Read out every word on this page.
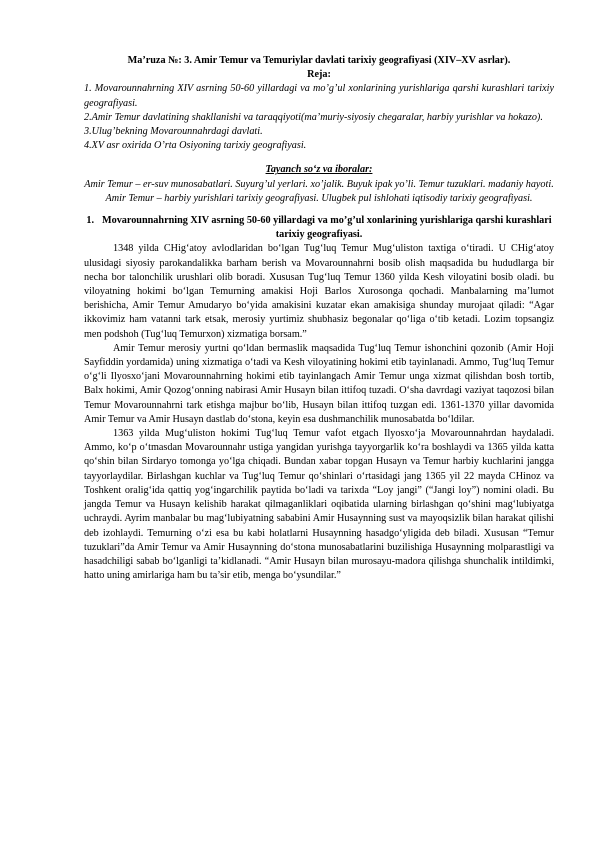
Ma’ruza №: 3. Amir Temur va Temuriylar davlati tarixiy geografiyasi (XIV–XV asrlar).
Reja:
1. Movarounnahrning XIV asrning 50-60 yillardagi va mo’g’ul xonlarining yurishlariga qarshi kurashlari tarixiy geografiyasi.
2.Amir Temur davlatining shakllanishi va taraqqiyoti(ma’muriy-siyosiy chegaralar, harbiy yurishlar va hokazo).
3.Ulug’bekning Movarounnahrdagi davlati.
4.XV asr oxirida O’rta Osiyoning tarixiy geografiyasi.
Tayanch so‘z va iboralar:
Amir Temur – er-suv munosabatlari. Suyurg’ul yerlari. xo’jalik. Buyuk ipak yo’li. Temur tuzuklari. madaniy hayoti. Amir Temur – harbiy yurishlari tarixiy geografiyasi. Ulugbek pul ishlohati iqtisodiy tarixiy geografiyasi.
1. Movarounnahrning XIV asrning 50-60 yillardagi va mo’g’ul xonlarining yurishlariga qarshi kurashlari tarixiy geografiyasi.

1348 yilda CHig‘atoy avlodlaridan bo‘lgan Tug‘luq Temur Mug‘uliston taxtiga o‘tiradi. U CHig‘atoy ulusidagi siyosiy parokandalikka barham berish va Movarounnahrni bosib olish maqsadida bu hududlarga bir necha bor talonchilik urushlari olib boradi. Xususan Tug‘luq Temur 1360 yilda Kesh viloyatini bosib oladi. bu viloyatning hokimi bo‘lgan Temurning amakisi Hoji Barlos Xurosonga qochadi. Manbalarning ma’lumot berishicha, Amir Temur Amudaryo bo‘yida amakisini kuzatar ekan amakisiga shunday murojaat qiladi: “Agar ikkovimiz ham vatanni tark etsak, merosiy yurtimiz shubhasiz begonalar qo‘liga o‘tib ketadi. Lozim topsangiz men podshoh (Tug‘luq Temurxon) xizmatiga borsam.”

Amir Temur merosiy yurtni qo‘ldan bermaslik maqsadida Tug‘luq Temur ishonchini qozonib (Amir Hoji Sayfiddin yordamida) uning xizmatiga o‘tadi va Kesh viloyatining hokimi etib tayinlanadi. Ammo, Tug‘luq Temur o‘g‘li Ilyosxo‘jani Movarounnahrning hokimi etib tayinlangach Amir Temur unga xizmat qilishdan bosh tortib, Balx hokimi, Amir Qozog‘onning nabirasi Amir Husayn bilan ittifoq tuzadi. O‘sha davrdagi vaziyat taqozosi bilan Temur Movarounnahrni tark etishga majbur bo‘lib, Husayn bilan ittifoq tuzgan edi. 1361-1370 yillar davomida Amir Temur va Amir Husayn dastlab do‘stona, keyin esa dushmanchilik munosabatda bo‘ldilar.

1363 yilda Mug‘uliston hokimi Tug‘luq Temur vafot etgach Ilyosxo‘ja Movarounnahrdan haydaladi. Ammo, ko‘p o‘tmasdan Movarounnahr ustiga yangidan yurishga tayyorgarlik ko‘ra boshlaydi va 1365 yilda katta qo‘shin bilan Sirdaryo tomonga yo‘lga chiqadi. Bundan xabar topgan Husayn va Temur harbiy kuchlarini jangga tayyorlaydilar. Birlashgan kuchlar va Tug‘luq Temur qo‘shinlari o‘rtasidagi jang 1365 yil 22 mayda CHinoz va Toshkent oralig‘ida qattiq yog‘ingarchilik paytida bo‘ladi va tarixda “Loy jangi” (“Jangi loy”) nomini oladi. Bu jangda Temur va Husayn kelishib harakat qilmaganliklari oqibatida ularning birlashgan qo‘shini mag‘lubiyatga uchraydi. Ayrim manbalar bu mag‘lubiyatning sababini Amir Husaynning sust va mayoqsizlik bilan harakat qilishi deb izohlaydi. Temurning o‘zi esa bu kabi holatlarni Husaynning hasadgo‘yligida deb biladi. Xususan “Temur tuzuklari”da Amir Temur va Amir Husaynning do‘stona munosabatlarini buzilishiga Husaynning molparastligi va hasadchiligi sabab bo‘lganligi ta’kidlanadi. “Amir Husayn bilan murosayu-madora qilishga shunchalik intildimki, hatto uning amirlariga ham bu ta’sir etib, menga bo‘ysundilar.”
